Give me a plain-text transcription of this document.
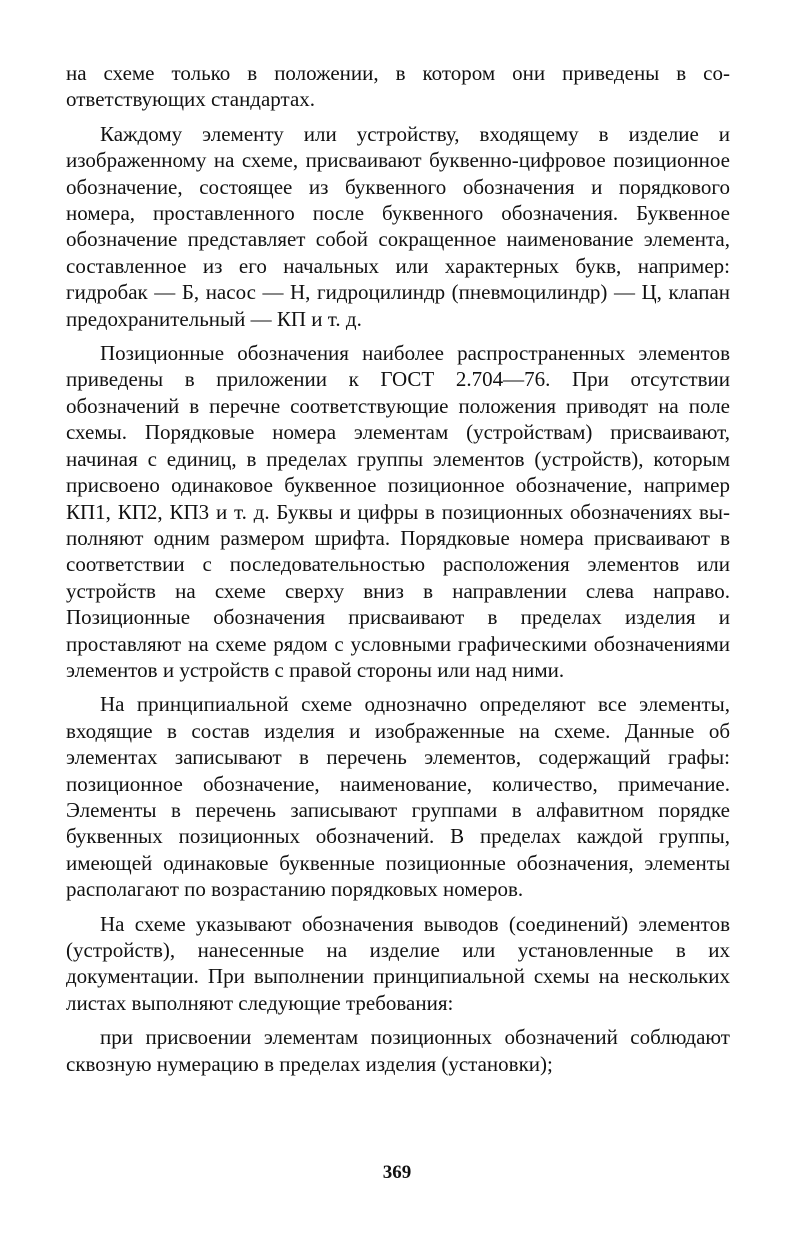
на схеме только в положении, в котором они приведены в соответствующих стандартах.

Каждому элементу или устройству, входящему в изделие и изображенному на схеме, присваивают буквенно-цифровое позиционное обозначение, состоящее из буквенного обозначения и порядкового номера, проставленного после буквенного обозначения. Буквенное обозначение представляет собой сокращенное наименование элемента, составленное из его начальных или характерных букв, например: гидробак — Б, насос — Н, гидроцилиндр (пневмоцилиндр) — Ц, клапан предохранительный — КП и т. д.

Позиционные обозначения наиболее распространенных элементов приведены в приложении к ГОСТ 2.704—76. При отсутствии обозначений в перечне соответствующие положения приводят на поле схемы. Порядковые номера элементам (устройствам) присваивают, начиная с единиц, в пределах группы элементов (устройств), которым присвоено одинаковое буквенное позиционное обозначение, например КП1, КП2, КП3 и т. д. Буквы и цифры в позиционных обозначениях выполняют одним размером шрифта. Порядковые номера присваивают в соответствии с последовательностью расположения элементов или устройств на схеме сверху вниз в направлении слева направо. Позиционные обозначения присваивают в пределах изделия и проставляют на схеме рядом с условными графическими обозначениями элементов и устройств с правой стороны или над ними.

На принципиальной схеме однозначно определяют все элементы, входящие в состав изделия и изображенные на схеме. Данные об элементах записывают в перечень элементов, содержащий графы: позиционное обозначение, наименование, количество, примечание. Элементы в перечень записывают группами в алфавитном порядке буквенных позиционных обозначений. В пределах каждой группы, имеющей одинаковые буквенные позиционные обозначения, элементы располагают по возрастанию порядковых номеров.

На схеме указывают обозначения выводов (соединений) элементов (устройств), нанесенные на изделие или установленные в их документации. При выполнении принципиальной схемы на нескольких листах выполняют следующие требования:

при присвоении элементам позиционных обозначений соблюдают сквозную нумерацию в пределах изделия (установки);

369
